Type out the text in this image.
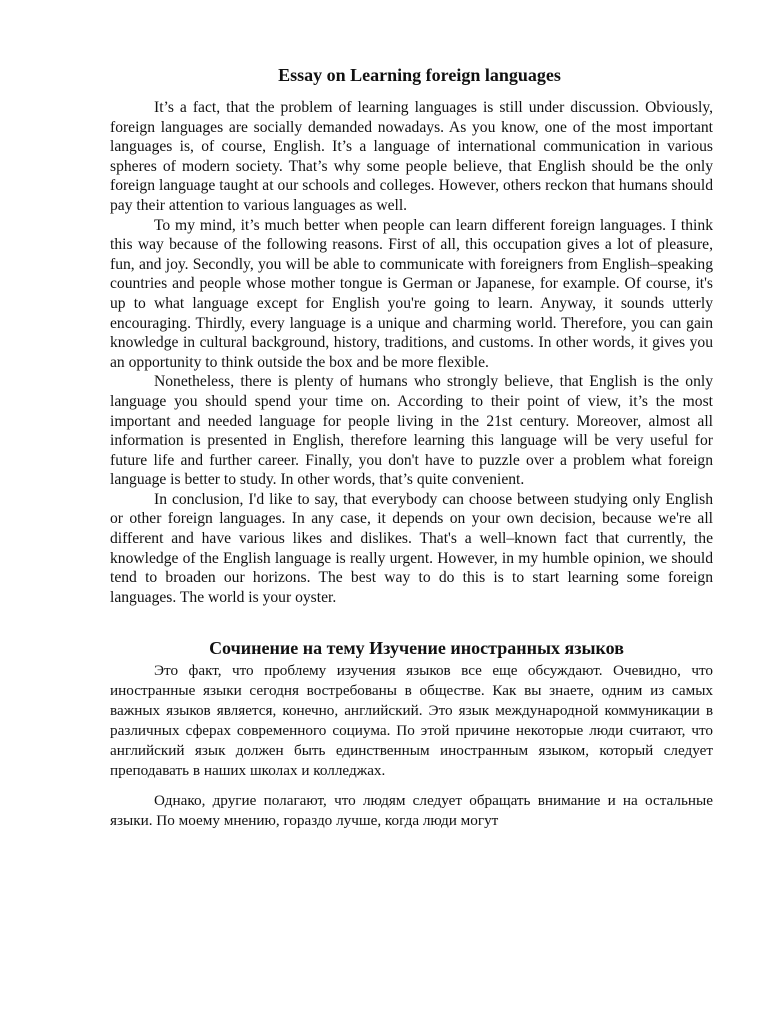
Essay on Learning foreign languages

It’s a fact, that the problem of learning languages is still under discussion. Obviously, foreign languages are socially demanded nowadays. As you know, one of the most important languages is, of course, English. It’s a language of international communication in various spheres of modern society. That’s why some people believe, that English should be the only foreign language taught at our schools and colleges. However, others reckon that humans should pay their attention to various languages as well.

To my mind, it’s much better when people can learn different foreign languages. I think this way because of the following reasons. First of all, this occupation gives a lot of pleasure, fun, and joy. Secondly, you will be able to communicate with foreigners from English–speaking countries and people whose mother tongue is German or Japanese, for example. Of course, it's up to what language except for English you're going to learn. Anyway, it sounds utterly encouraging. Thirdly, every language is a unique and charming world. Therefore, you can gain knowledge in cultural background, history, traditions, and customs. In other words, it gives you an opportunity to think outside the box and be more flexible.

Nonetheless, there is plenty of humans who strongly believe, that English is the only language you should spend your time on. According to their point of view, it’s the most important and needed language for people living in the 21st century. Moreover, almost all information is presented in English, therefore learning this language will be very useful for future life and further career. Finally, you don't have to puzzle over a problem what foreign language is better to study. In other words, that’s quite convenient.

In conclusion, I'd like to say, that everybody can choose between studying only English or other foreign languages. In any case, it depends on your own decision, because we're all different and have various likes and dislikes. That's a well–known fact that currently, the knowledge of the English language is really urgent. However, in my humble opinion, we should tend to broaden our horizons. The best way to do this is to start learning some foreign languages. The world is your oyster.

Сочинение на тему Изучение иностранных языков

Это факт, что проблему изучения языков все еще обсуждают. Очевидно, что иностранные языки сегодня востребованы в обществе. Как вы знаете, одним из самых важных языков является, конечно, английский. Это язык международной коммуникации в различных сферах современного социума. По этой причине некоторые люди считают, что английский язык должен быть единственным иностранным языком, который следует преподавать в наших школах и колледжах.

Однако, другие полагают, что людям следует обращать внимание и на остальные языки. По моему мнению, гораздо лучше, когда люди могут
